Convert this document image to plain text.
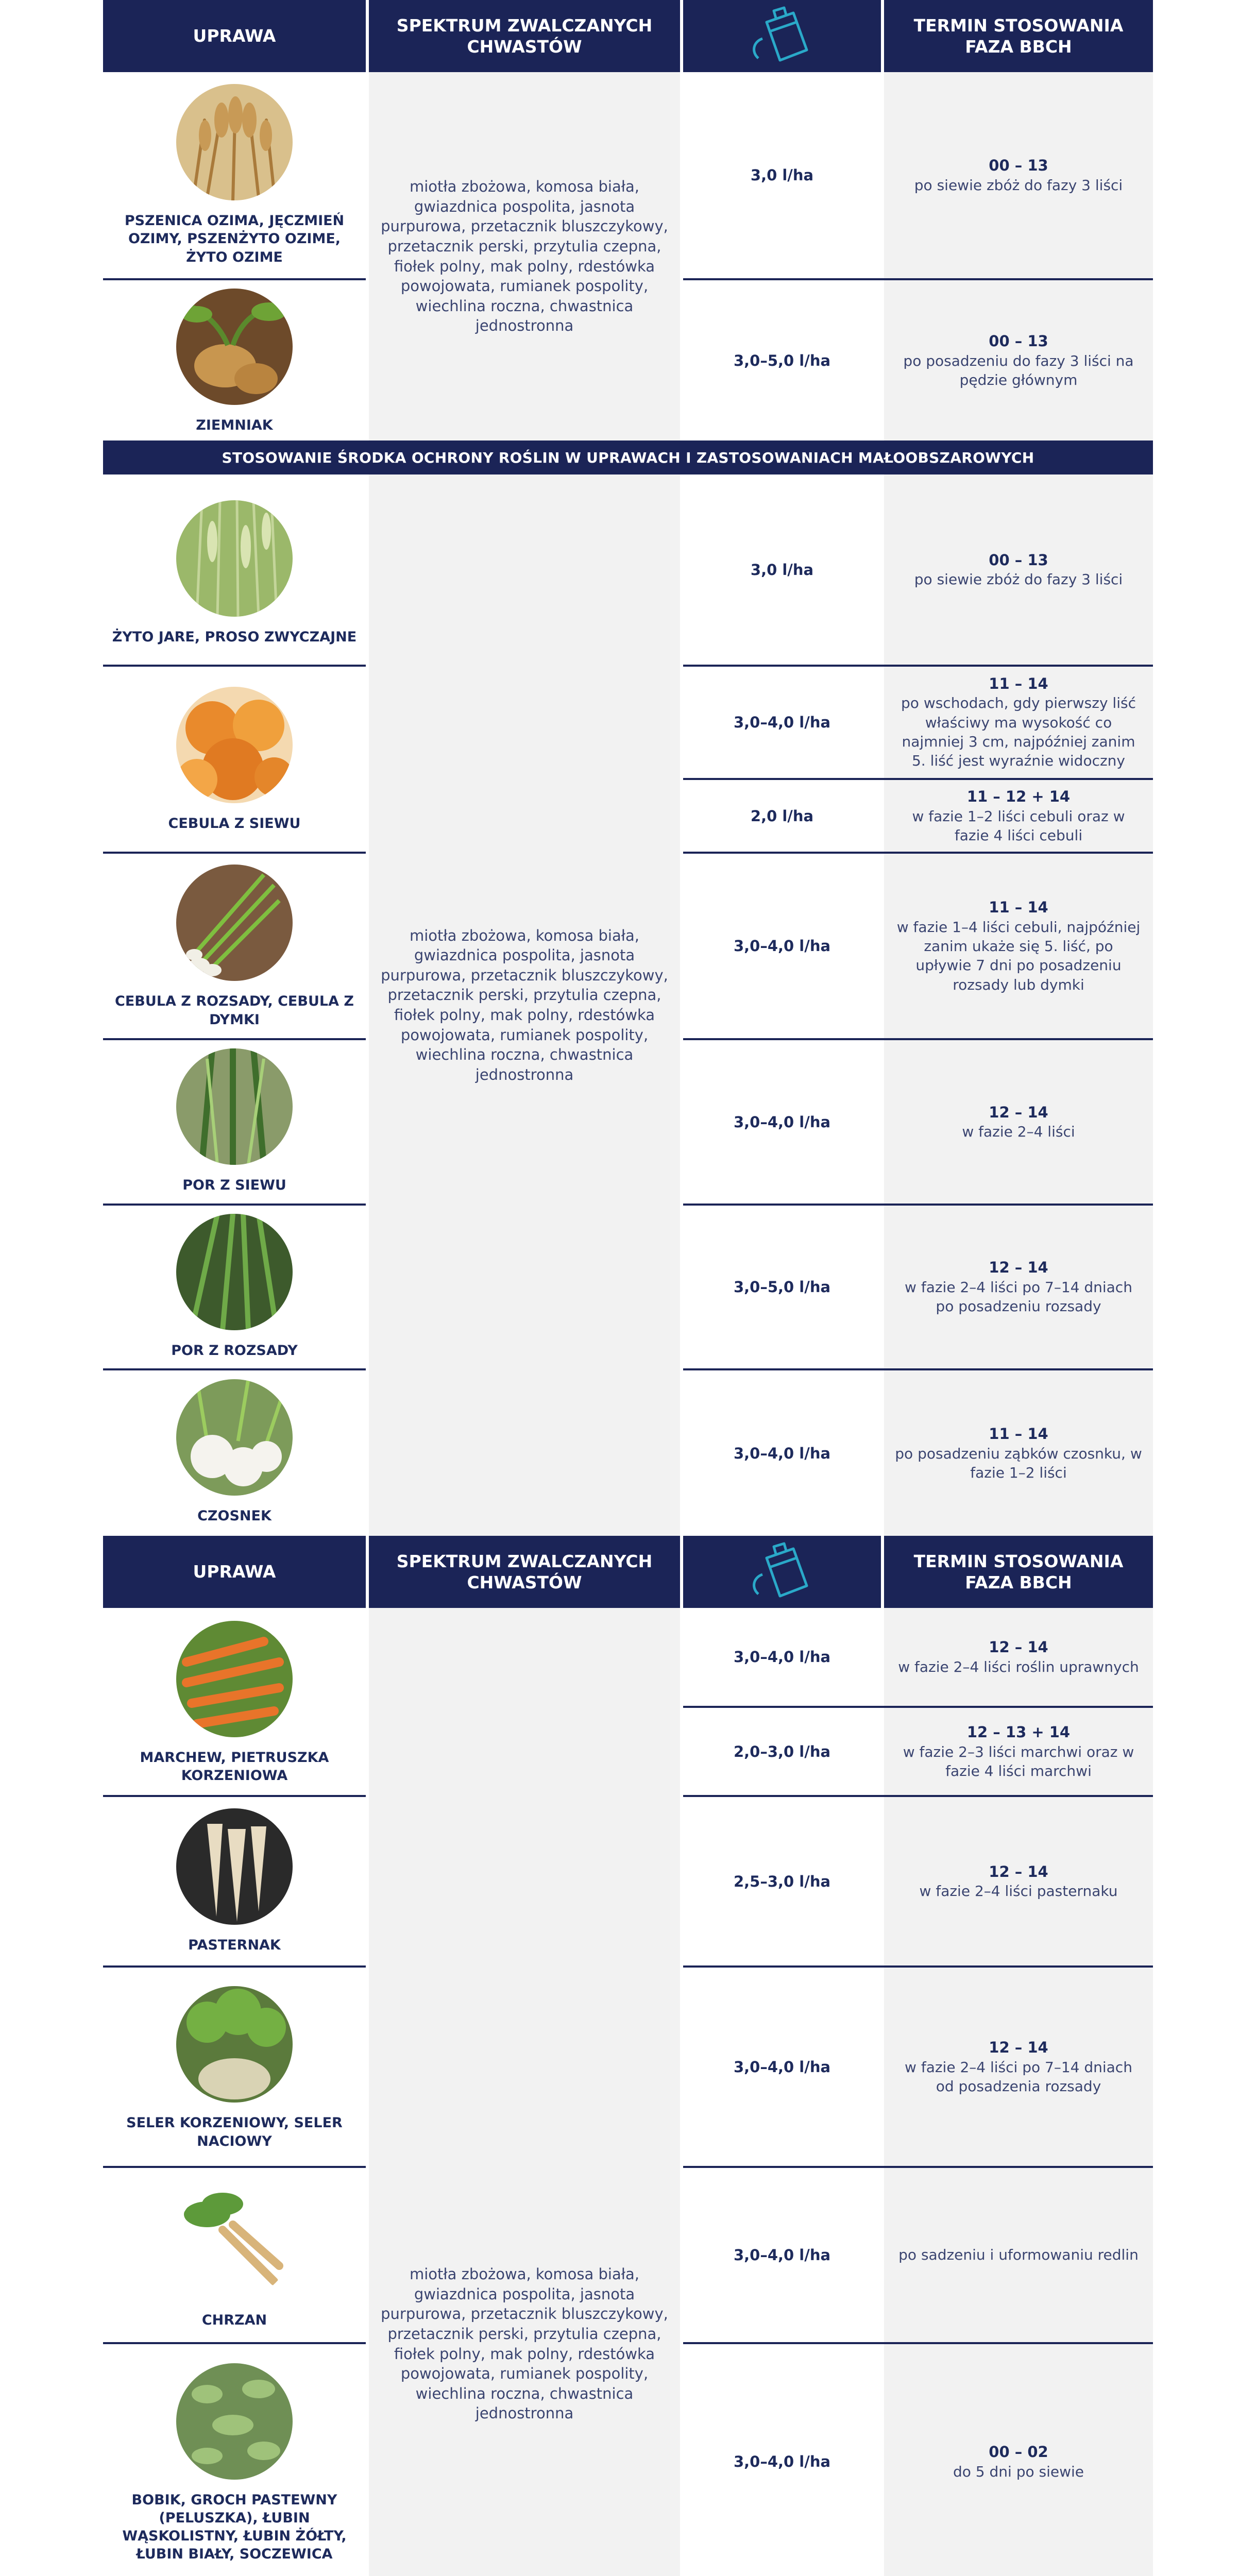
UPRAWA
SPEKTRUM ZWALCZANYCH
CHWASTÓW
TERMIN STOSOWANIA
FAZA BBCH
miotła zbożowa, komosa biała, gwiazdnica pospolita, jasnota purpurowa, przetacznik bluszczykowy, przetacznik perski, przytulia czepna, fiołek polny, mak polny, rdestówka powojowata, rumianek pospolity, wiechlina roczna, chwastnica jednostronna
PSZENICA OZIMA, JĘCZMIEŃ OZIMY, PSZENŻYTO OZIME, ŻYTO OZIME
ZIEMNIAK
3,0 l/ha
00 – 13
po siewie zbóż do fazy 3 liści
3,0–5,0 l/ha
00 – 13
po posadzeniu do fazy 3 liści na pędzie głównym
STOSOWANIE ŚRODKA OCHRONY ROŚLIN W UPRAWACH I ZASTOSOWANIACH MAŁOOBSZAROWYCH
miotła zbożowa, komosa biała, gwiazdnica pospolita, jasnota purpurowa, przetacznik bluszczykowy, przetacznik perski, przytulia czepna, fiołek polny, mak polny, rdestówka powojowata, rumianek pospolity, wiechlina roczna, chwastnica jednostronna
ŻYTO JARE, PROSO ZWYCZAJNE
CEBULA Z SIEWU
CEBULA Z ROZSADY, CEBULA Z DYMKI
POR Z SIEWU
POR Z ROZSADY
CZOSNEK
3,0 l/ha
00 – 13
po siewie zbóż do fazy 3 liści
3,0–4,0 l/ha
11 – 14
po wschodach, gdy pierwszy liść właściwy ma wysokość co najmniej 3 cm, najpóźniej zanim 5. liść jest wyraźnie widoczny
2,0 l/ha
11 – 12 + 14
w fazie 1–2 liści cebuli oraz w fazie 4 liści cebuli
3,0–4,0 l/ha
11 – 14
w fazie 1–4 liści cebuli, najpóźniej zanim ukaże się 5. liść, po upływie 7 dni po posadzeniu rozsady lub dymki
3,0–4,0 l/ha
12 – 14
w fazie 2–4 liści
3,0–5,0 l/ha
12 – 14
w fazie 2–4 liści po 7–14 dniach po posadzeniu rozsady
3,0–4,0 l/ha
11 – 14
po posadzeniu ząbków czosnku, w fazie 1–2 liści
UPRAWA
SPEKTRUM ZWALCZANYCH
CHWASTÓW
TERMIN STOSOWANIA
FAZA BBCH
miotła zbożowa, komosa biała, gwiazdnica pospolita, jasnota purpurowa, przetacznik bluszczykowy, przetacznik perski, przytulia czepna, fiołek polny, mak polny, rdestówka powojowata, rumianek pospolity, wiechlina roczna, chwastnica jednostronna
MARCHEW, PIETRUSZKA KORZENIOWA
PASTERNAK
SELER KORZENIOWY, SELER NACIOWY
CHRZAN
BOBIK, GROCH PASTEWNY (PELUSZKA), ŁUBIN WĄSKOLISTNY, ŁUBIN ŻÓŁTY, ŁUBIN BIAŁY, SOCZEWICA
3,0–4,0 l/ha
12 – 14
w fazie 2–4 liści roślin uprawnych
2,0–3,0 l/ha
12 – 13 + 14
w fazie 2–3 liści marchwi oraz w fazie 4 liści marchwi
2,5–3,0 l/ha
12 – 14
w fazie 2–4 liści pasternaku
3,0–4,0 l/ha
12 – 14
w fazie 2–4 liści po 7–14 dniach od posadzenia rozsady
3,0–4,0 l/ha	po sadzeniu i uformowaniu redlin
3,0–4,0 l/ha
00 – 02
do 5 dni po siewie
